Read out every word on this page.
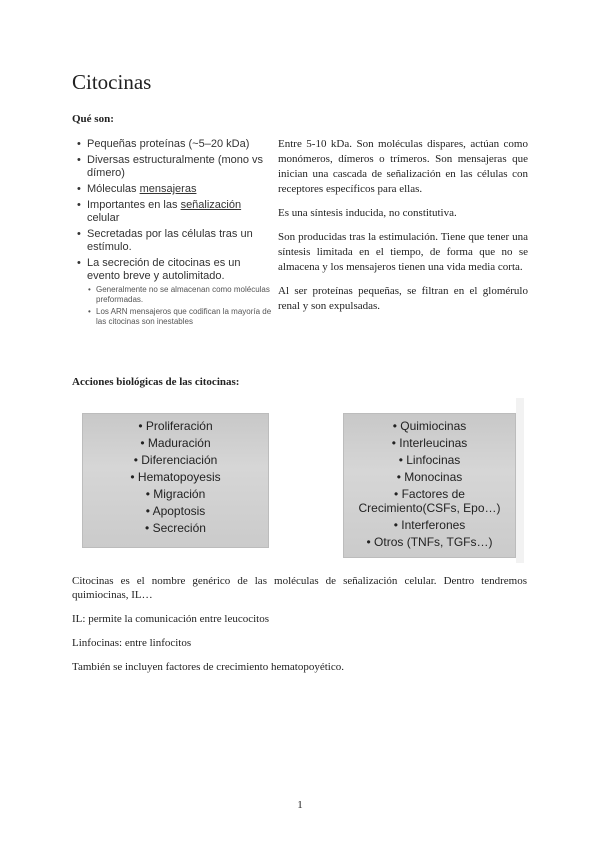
Citocinas
Qué son:
• Pequeñas proteínas (~5–20 kDa)
• Diversas estructuralmente (mono vs dímero)
• Móleculas mensajeras
• Importantes en las señalización celular
• Secretadas por las células tras un estímulo.
• La secreción de citocinas es un evento breve y autolimitado.
• Generalmente no se almacenan como moléculas preformadas.
• Los ARN mensajeros que codifican la mayoría de las citocinas son inestables

Entre 5-10 kDa. Son moléculas dispares, actúan como monómeros, dímeros o trímeros. Son mensajeras que inician una cascada de señalización en las células con receptores específicos para ellas.

Es una síntesis inducida, no constitutiva.

Son producidas tras la estimulación. Tiene que tener una síntesis limitada en el tiempo, de forma que no se almacena y los mensajeros tienen una vida media corta.

Al ser proteínas pequeñas, se filtran en el glomérulo renal y son expulsadas.

Acciones biológicas de las citocinas:
• Proliferación
• Maduración
• Diferenciación
• Hematopoyesis
• Migración
• Apoptosis
• Secreción
• Quimiocinas
• Interleucinas
• Linfocinas
• Monocinas
• Factores de Crecimiento(CSFs, Epo…)
• Interferones
• Otros (TNFs, TGFs…)

Citocinas es el nombre genérico de las moléculas de señalización celular. Dentro tendremos quimiocinas, IL…

IL: permite la comunicación entre leucocitos

Linfocinas: entre linfocitos

También se incluyen factores de crecimiento hematopoyético.

1
